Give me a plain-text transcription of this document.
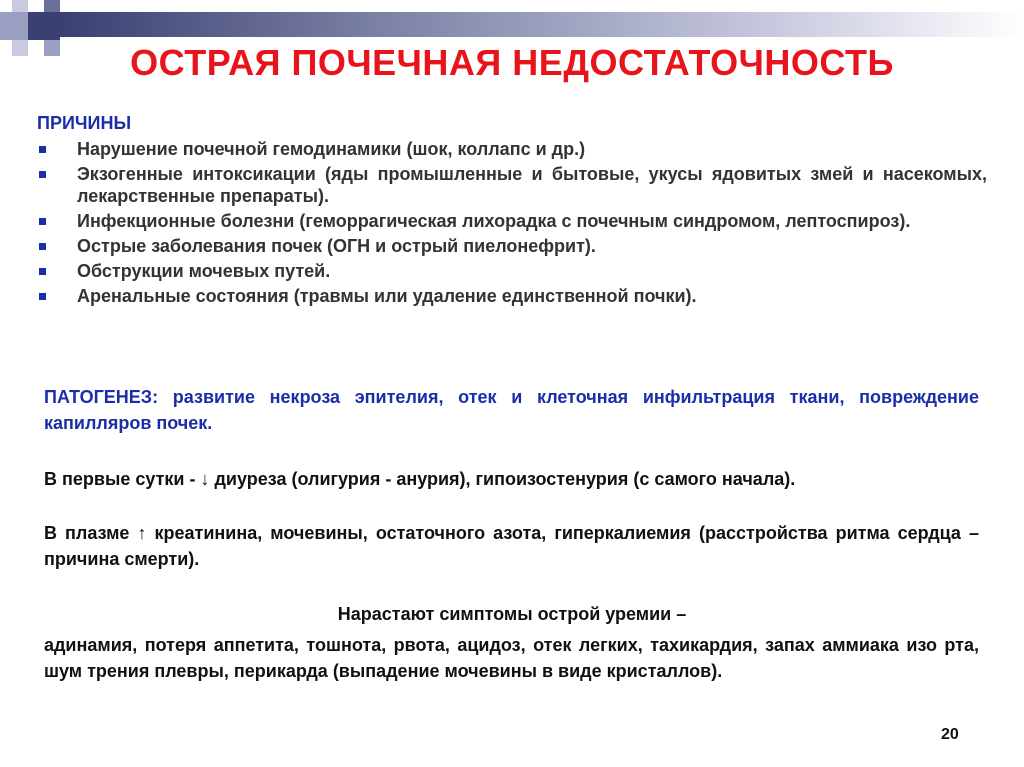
ОСТРАЯ ПОЧЕЧНАЯ НЕДОСТАТОЧНОСТЬ
ПРИЧИНЫ
Нарушение почечной гемодинамики (шок, коллапс и др.)
Экзогенные интоксикации (яды промышленные и бытовые, укусы ядовитых змей и насекомых, лекарственные препараты).
Инфекционные болезни (геморрагическая лихорадка с почечным синдромом, лептоспироз).
Острые заболевания почек (ОГН и острый пиелонефрит).
Обструкции мочевых путей.
Аренальные состояния (травмы или удаление единственной почки).
ПАТОГЕНЕЗ: развитие некроза эпителия, отек и клеточная инфильтрация ткани, повреждение капилляров почек.
В первые сутки - ↓ диуреза (олигурия - анурия), гипоизостенурия (с самого начала).
В плазме ↑ креатинина, мочевины, остаточного азота, гиперкалиемия (расстройства ритма сердца – причина смерти).
Нарастают симптомы острой уремии –
адинамия, потеря аппетита, тошнота, рвота, ацидоз, отек легких, тахикардия, запах аммиака изо рта, шум трения плевры, перикарда (выпадение мочевины в виде кристаллов).
20
